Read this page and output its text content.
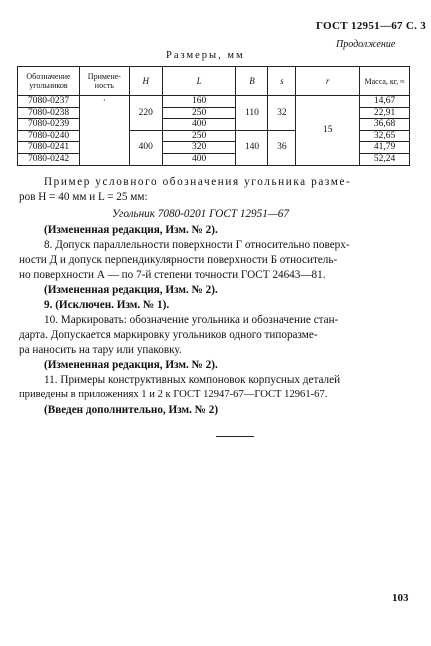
ГОСТ 12951—67 С. 3
Продолжение
Размеры, мм
Обозначение угольников	Примене-ность	H	L	B	s	r	Масса, кг, ≈
7080-0237	·	220	160	110	32	15	14,67
7080-0238			250				22,91
7080-0239			400				36,68
7080-0240		400	250	140	36		32,65
7080-0241			320				41,79
7080-0242			400				52,24
Пример условного обозначения угольника разме-
ров H = 40 мм и L = 25 мм:
Угольник 7080-0201 ГОСТ 12951—67
(Измененная редакция, Изм. № 2).
8. Допуск параллельности поверхности Г относительно поверх-
ности Д и допуск перпендикулярности поверхности Б относитель-
но поверхности А — по 7-й степени точности ГОСТ 24643—81.
(Измененная редакция, Изм. № 2).
9. (Исключен. Изм. № 1).
10. Маркировать: обозначение угольника и обозначение стан-
дарта. Допускается маркировку угольников одного типоразме-
ра наносить на тару или упаковку.
(Измененная редакция, Изм. № 2).
11. Примеры конструктивных компоновок корпусных деталей
приведены в приложениях 1 и 2 к ГОСТ 12947-67—ГОСТ 12961-67.
(Введен дополнительно, Изм. № 2)
103
